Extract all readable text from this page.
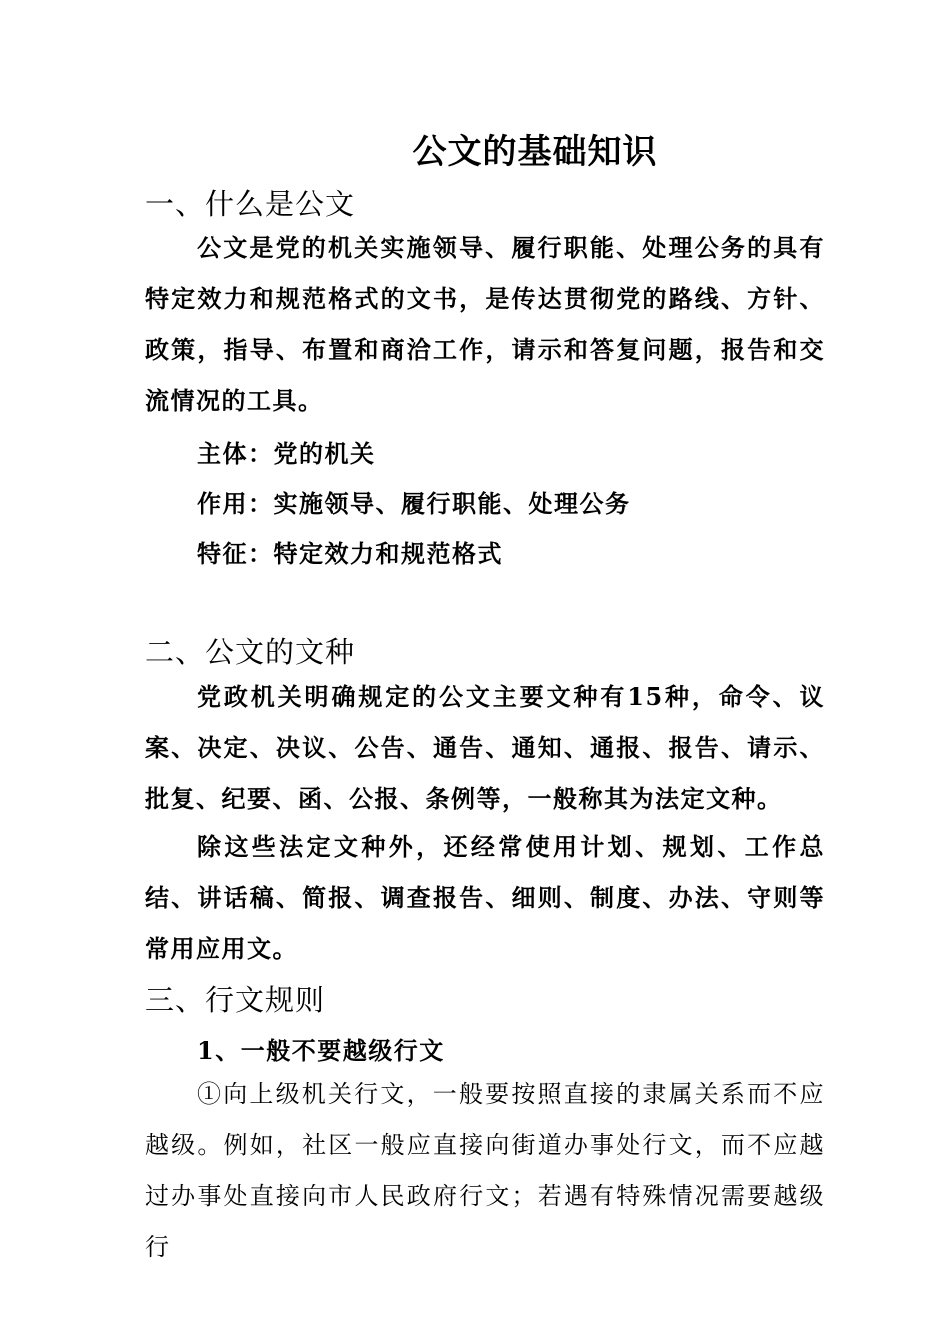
公文的基础知识
一、什么是公文
公文是党的机关实施领导、履行职能、处理公务的具有特定效力和规范格式的文书，是传达贯彻党的路线、方针、政策，指导、布置和商洽工作，请示和答复问题，报告和交流情况的工具。
主体：党的机关
作用：实施领导、履行职能、处理公务
特征：特定效力和规范格式
二、公文的文种
党政机关明确规定的公文主要文种有15种，命令、议案、决定、决议、公告、通告、通知、通报、报告、请示、批复、纪要、函、公报、条例等，一般称其为法定文种。
除这些法定文种外，还经常使用计划、规划、工作总结、讲话稿、简报、调查报告、细则、制度、办法、守则等常用应用文。
三、行文规则
1、一般不要越级行文
①向上级机关行文，一般要按照直接的隶属关系而不应越级。例如，社区一般应直接向街道办事处行文，而不应越过办事处直接向市人民政府行文；若遇有特殊情况需要越级行
